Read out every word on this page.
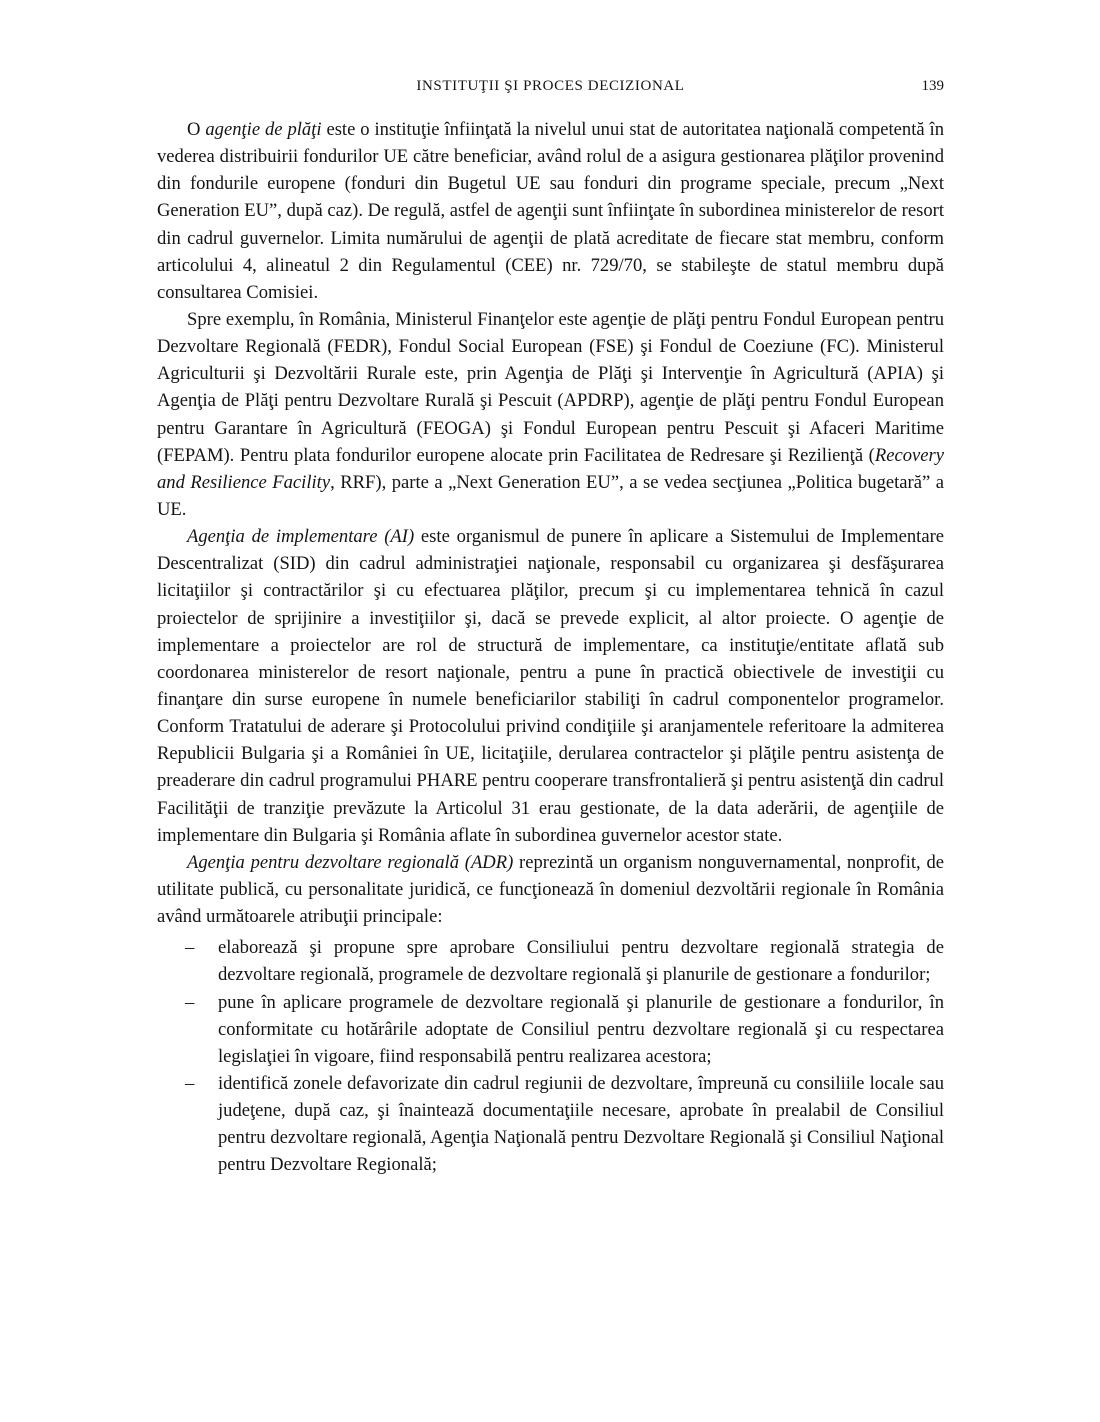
INSTITUŢII ŞI PROCES DECIZIONAL	139

O agenţie de plăţi este o instituţie înfiinţată la nivelul unui stat de autoritatea naţională competentă în vederea distribuirii fondurilor UE către beneficiar, având rolul de a asigura gestionarea plăţilor provenind din fondurile europene (fonduri din Bugetul UE sau fonduri din programe speciale, precum „Next Generation EU”, după caz). De regulă, astfel de agenţii sunt înfiinţate în subordinea ministerelor de resort din cadrul guvernelor. Limita numărului de agenţii de plată acreditate de fiecare stat membru, conform articolului 4, alineatul 2 din Regulamentul (CEE) nr. 729/70, se stabileşte de statul membru după consultarea Comisiei.

Spre exemplu, în România, Ministerul Finanţelor este agenţie de plăţi pentru Fondul European pentru Dezvoltare Regională (FEDR), Fondul Social European (FSE) şi Fondul de Coeziune (FC). Ministerul Agriculturii şi Dezvoltării Rurale este, prin Agenţia de Plăţi şi Intervenţie în Agricultură (APIA) şi Agenţia de Plăţi pentru Dezvoltare Rurală şi Pescuit (APDRP), agenţie de plăţi pentru Fondul European pentru Garantare în Agricultură (FEOGA) şi Fondul European pentru Pescuit şi Afaceri Maritime (FEPAM). Pentru plata fondurilor europene alocate prin Facilitatea de Redresare şi Rezilienţă (Recovery and Resilience Facility, RRF), parte a „Next Generation EU”, a se vedea secţiunea „Politica bugetară” a UE.

Agenţia de implementare (AI) este organismul de punere în aplicare a Sistemului de Implementare Descentralizat (SID) din cadrul administraţiei naţionale, responsabil cu organizarea şi desfăşurarea licitaţiilor şi contractărilor şi cu efectuarea plăţilor, precum şi cu implementarea tehnică în cazul proiectelor de sprijinire a investiţiilor şi, dacă se prevede explicit, al altor proiecte. O agenţie de implementare a proiectelor are rol de structură de implementare, ca instituţie/entitate aflată sub coordonarea ministerelor de resort naţionale, pentru a pune în practică obiectivele de investiţii cu finanţare din surse europene în numele beneficiarilor stabiliţi în cadrul componentelor programelor. Conform Tratatului de aderare şi Protocolului privind condiţiile şi aranjamentele referitoare la admiterea Republicii Bulgaria şi a României în UE, licitaţiile, derularea contractelor şi plăţile pentru asistenţa de preaderare din cadrul programului PHARE pentru cooperare transfrontalieră şi pentru asistenţă din cadrul Facilităţii de tranziţie prevăzute la Articolul 31 erau gestionate, de la data aderării, de agenţiile de implementare din Bulgaria şi România aflate în subordinea guvernelor acestor state.

Agenţia pentru dezvoltare regională (ADR) reprezintă un organism nonguvernamental, nonprofit, de utilitate publică, cu personalitate juridică, ce funcţionează în domeniul dezvoltării regionale în România având următoarele atribuţii principale:

–	elaborează şi propune spre aprobare Consiliului pentru dezvoltare regională strategia de dezvoltare regională, programele de dezvoltare regională şi planurile de gestionare a fondurilor;
–	pune în aplicare programele de dezvoltare regională şi planurile de gestionare a fondurilor, în conformitate cu hotărârile adoptate de Consiliul pentru dezvoltare regională şi cu respectarea legislaţiei în vigoare, fiind responsabilă pentru realizarea acestora;
–	identifică zonele defavorizate din cadrul regiunii de dezvoltare, împreună cu consiliile locale sau judeţene, după caz, şi înaintează documentaţiile necesare, aprobate în prealabil de Consiliul pentru dezvoltare regională, Agenţia Naţională pentru Dezvoltare Regională şi Consiliul Naţional pentru Dezvoltare Regională;
